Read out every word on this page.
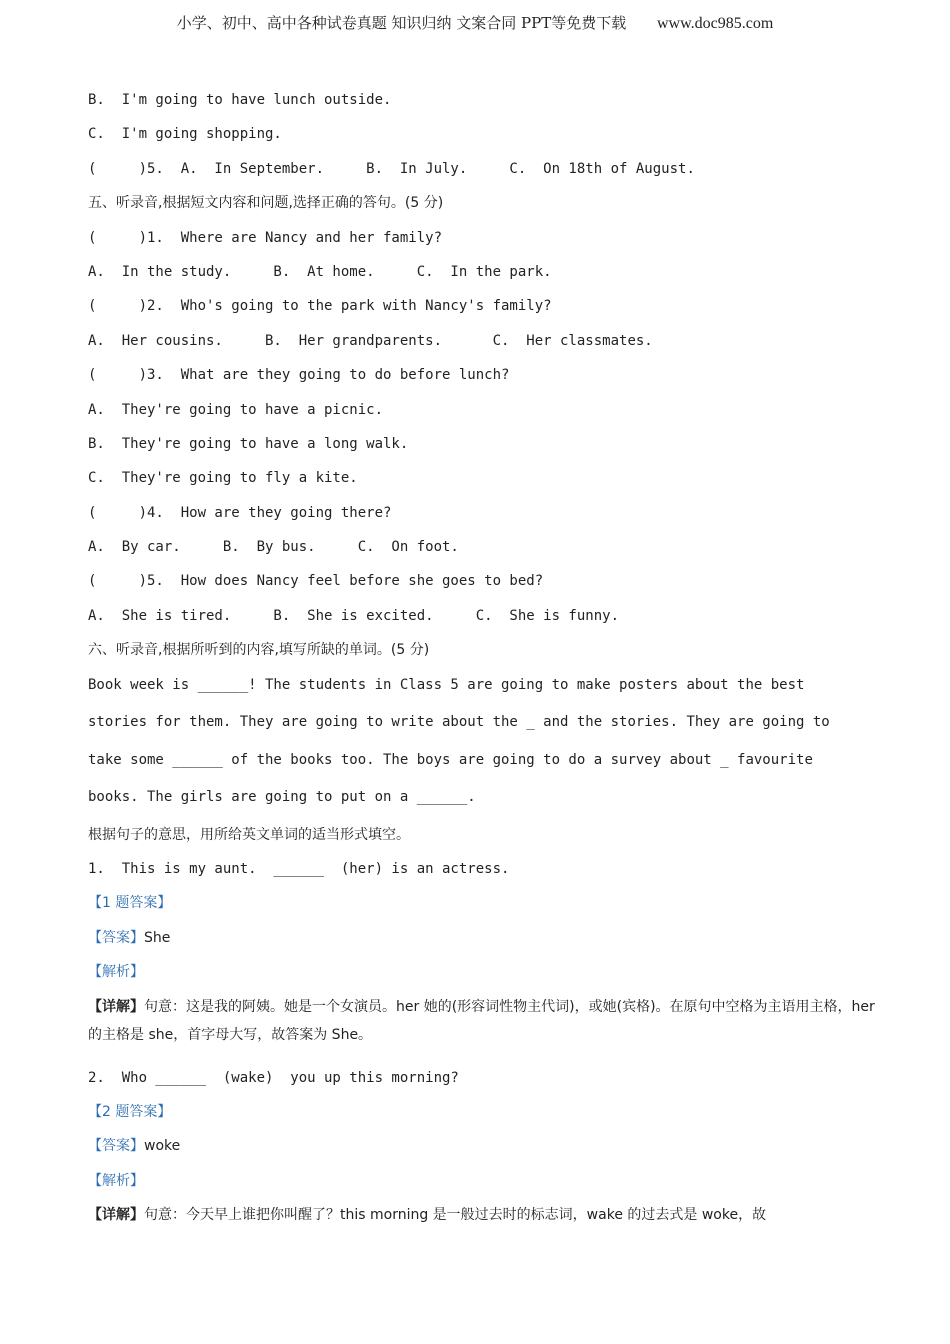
小学、初中、高中各种试卷真题 知识归纳 文案合同 PPT等免费下载 www.doc985.com
B.  I'm going to have lunch outside.
C.  I'm going shopping.
(     )5.  A.  In September.     B.  In July.     C.  On 18th of August.
五、听录音,根据短文内容和问题,选择正确的答句。(5 分)
(     )1.  Where are Nancy and her family?
A.  In the study.     B.  At home.     C.  In the park.
(     )2.  Who's going to the park with Nancy's family?
A.  Her cousins.     B.  Her grandparents.      C.  Her classmates.
(     )3.  What are they going to do before lunch?
A.  They're going to have a picnic.
B.  They're going to have a long walk.
C.  They're going to fly a kite.
(     )4.  How are they going there?
A.  By car.     B.  By bus.     C.  On foot.
(     )5.  How does Nancy feel before she goes to bed?
A.  She is tired.     B.  She is excited.     C.  She is funny.
六、听录音,根据所听到的内容,填写所缺的单词。(5 分)
Book week is ______! The students in Class 5 are going to make posters about the best
stories for them. They are going to write about the _ and the stories. They are going to
take some ______ of the books too. The boys are going to do a survey about _ favourite
books. The girls are going to put on a ______.
根据句子的意思，用所给英文单词的适当形式填空。
1.  This is my aunt.  ______  (her) is an actress.
【1 题答案】
【答案】She
【解析】
【详解】句意：这是我的阿姨。她是一个女演员。her 她的(形容词性物主代词)，或她(宾格)。在原句中空格为主语用主格，her 的主格是 she，首字母大写，故答案为 She。
2.  Who ______  (wake)  you up this morning?
【2 题答案】
【答案】woke
【解析】
【详解】句意：今天早上谁把你叫醒了？this morning 是一般过去时的标志词，wake 的过去式是 woke，故
